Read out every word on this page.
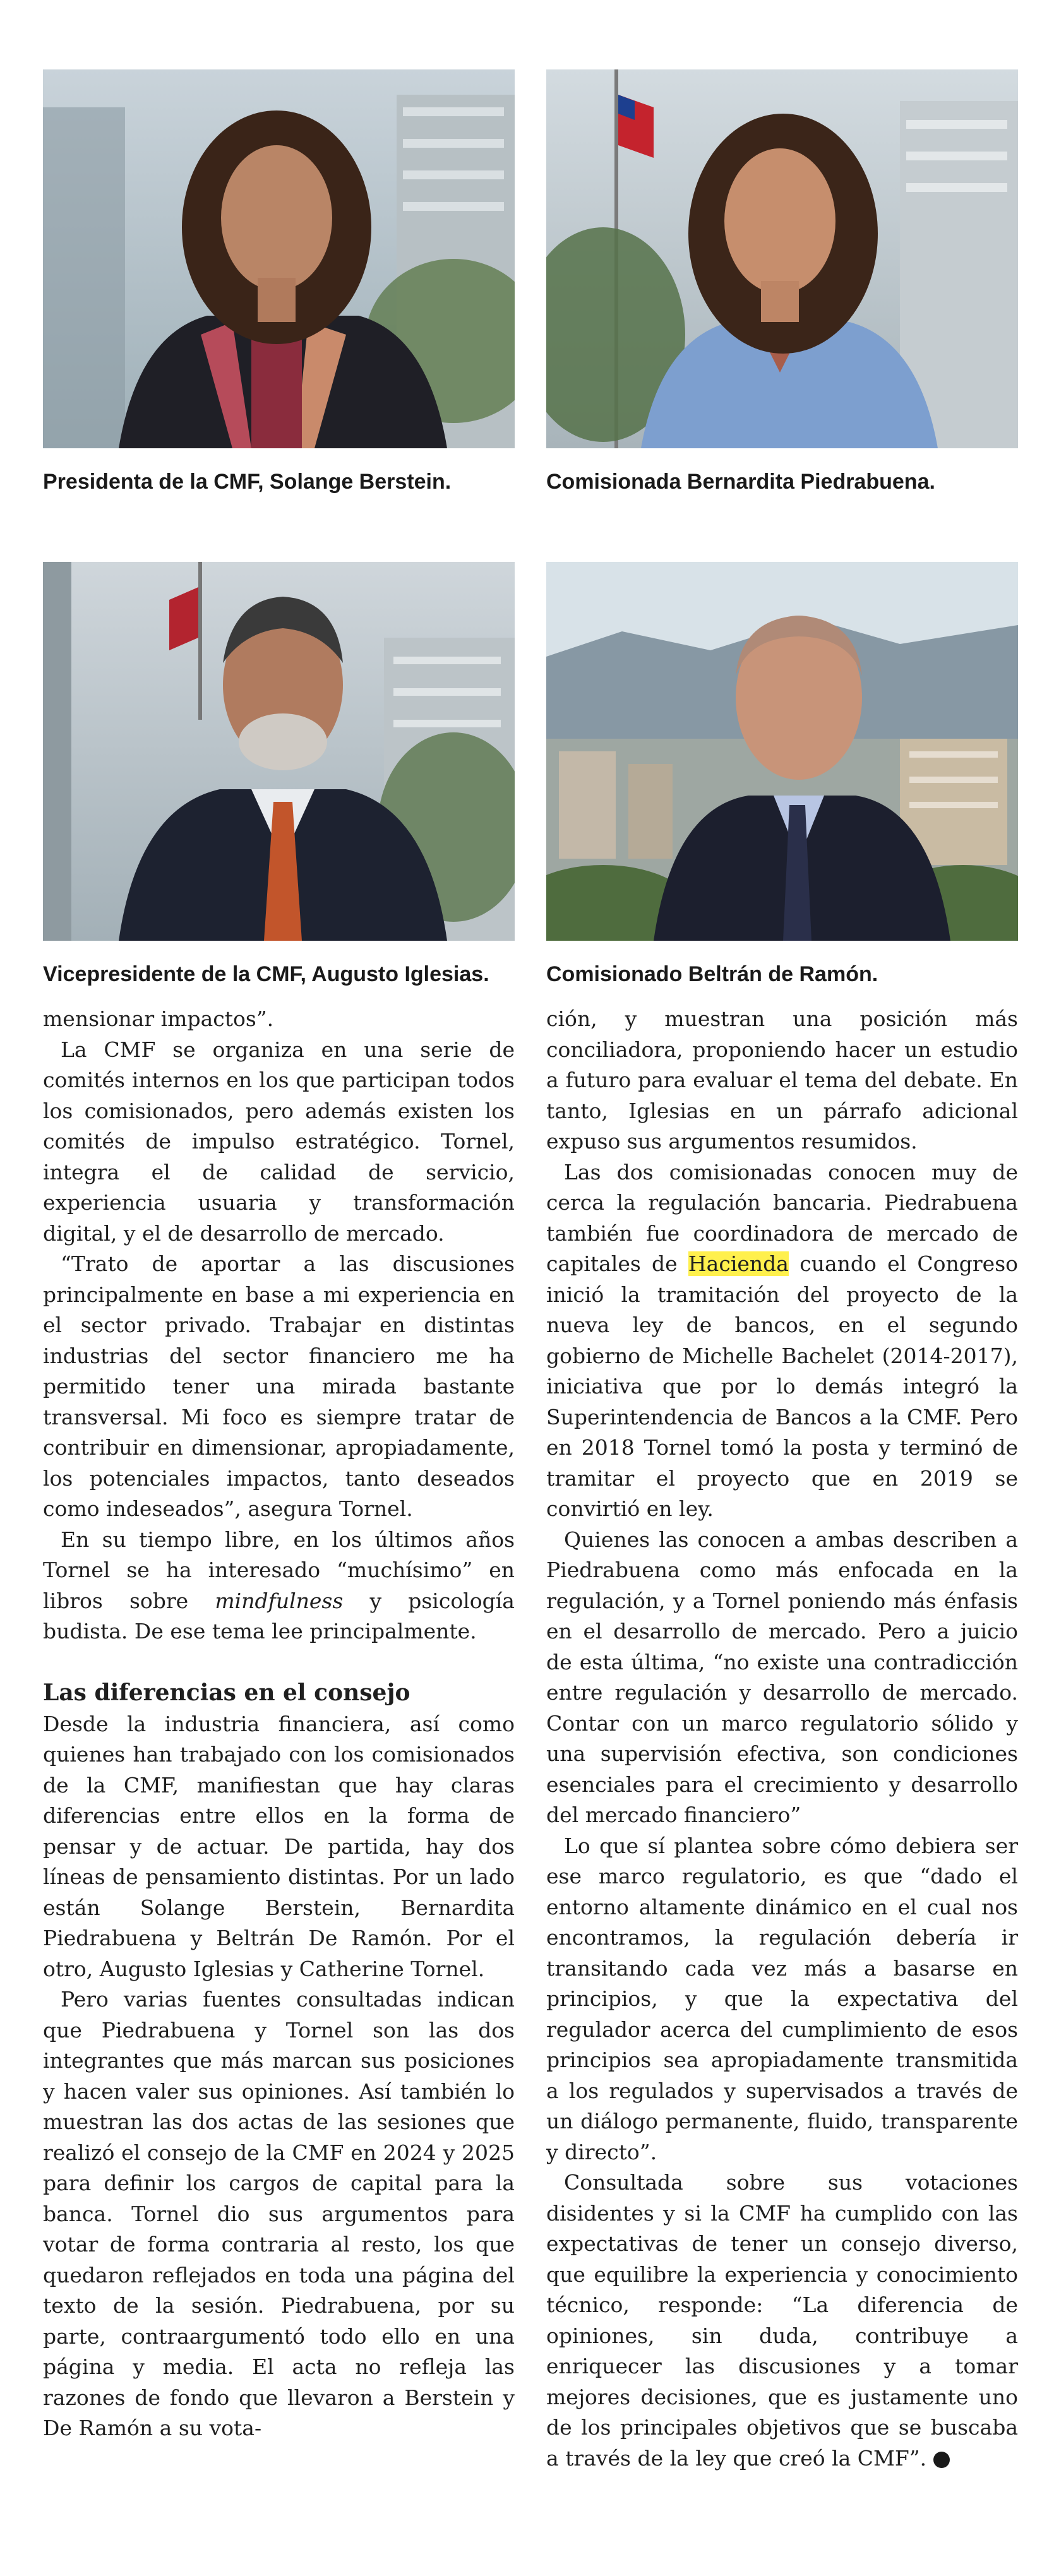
Presidenta de la CMF, Solange Berstein.	Comisionada Bernardita Piedrabuena.
Vicepresidente de la CMF, Augusto Iglesias.	Comisionado Beltrán de Ramón.

mensionar impactos”.

La CMF se organiza en una serie de comités internos en los que participan todos los comisionados, pero además existen los comités de impulso estratégico. Tornel, integra el de calidad de servicio, experiencia usuaria y transformación digital, y el de desarrollo de mercado.

“Trato de aportar a las discusiones principalmente en base a mi experiencia en el sector privado. Trabajar en distintas industrias del sector financiero me ha permitido tener una mirada bastante transversal. Mi foco es siempre tratar de contribuir en dimensionar, apropiadamente, los potenciales impactos, tanto deseados como indeseados”, asegura Tornel.

En su tiempo libre, en los últimos años Tornel se ha interesado “muchísimo” en libros sobre mindfulness y psicología budista. De ese tema lee principalmente.

Las diferencias en el consejo

Desde la industria financiera, así como quienes han trabajado con los comisionados de la CMF, manifiestan que hay claras diferencias entre ellos en la forma de pensar y de actuar. De partida, hay dos líneas de pensamiento distintas. Por un lado están Solange Berstein, Bernardita Piedrabuena y Beltrán De Ramón. Por el otro, Augusto Iglesias y Catherine Tornel.

Pero varias fuentes consultadas indican que Piedrabuena y Tornel son las dos integrantes que más marcan sus posiciones y hacen valer sus opiniones. Así también lo muestran las dos actas de las sesiones que realizó el consejo de la CMF en 2024 y 2025 para definir los cargos de capital para la banca. Tornel dio sus argumentos para votar de forma contraria al resto, los que quedaron reflejados en toda una página del texto de la sesión. Piedrabuena, por su parte, contraargumentó todo ello en una página y media. El acta no refleja las razones de fondo que llevaron a Berstein y De Ramón a su vota-

ción, y muestran una posición más conciliadora, proponiendo hacer un estudio a futuro para evaluar el tema del debate. En tanto, Iglesias en un párrafo adicional expuso sus argumentos resumidos.

Las dos comisionadas conocen muy de cerca la regulación bancaria. Piedrabuena también fue coordinadora de mercado de capitales de Hacienda cuando el Congreso inició la tramitación del proyecto de la nueva ley de bancos, en el segundo gobierno de Michelle Bachelet (2014-2017), iniciativa que por lo demás integró la Superintendencia de Bancos a la CMF. Pero en 2018 Tornel tomó la posta y terminó de tramitar el proyecto que en 2019 se convirtió en ley.

Quienes las conocen a ambas describen a Piedrabuena como más enfocada en la regulación, y a Tornel poniendo más énfasis en el desarrollo de mercado. Pero a juicio de esta última, “no existe una contradicción entre regulación y desarrollo de mercado. Contar con un marco regulatorio sólido y una supervisión efectiva, son condiciones esenciales para el crecimiento y desarrollo del mercado financiero”

Lo que sí plantea sobre cómo debiera ser ese marco regulatorio, es que “dado el entorno altamente dinámico en el cual nos encontramos, la regulación debería ir transitando cada vez más a basarse en principios, y que la expectativa del regulador acerca del cumplimiento de esos principios sea apropiadamente transmitida a los regulados y supervisados a través de un diálogo permanente, fluido, transparente y directo”.

Consultada sobre sus votaciones disidentes y si la CMF ha cumplido con las expectativas de tener un consejo diverso, que equilibre la experiencia y conocimiento técnico, responde: “La diferencia de opiniones, sin duda, contribuye a enriquecer las discusiones y a tomar mejores decisiones, que es justamente uno de los principales objetivos que se buscaba a través de la ley que creó la CMF”. P
